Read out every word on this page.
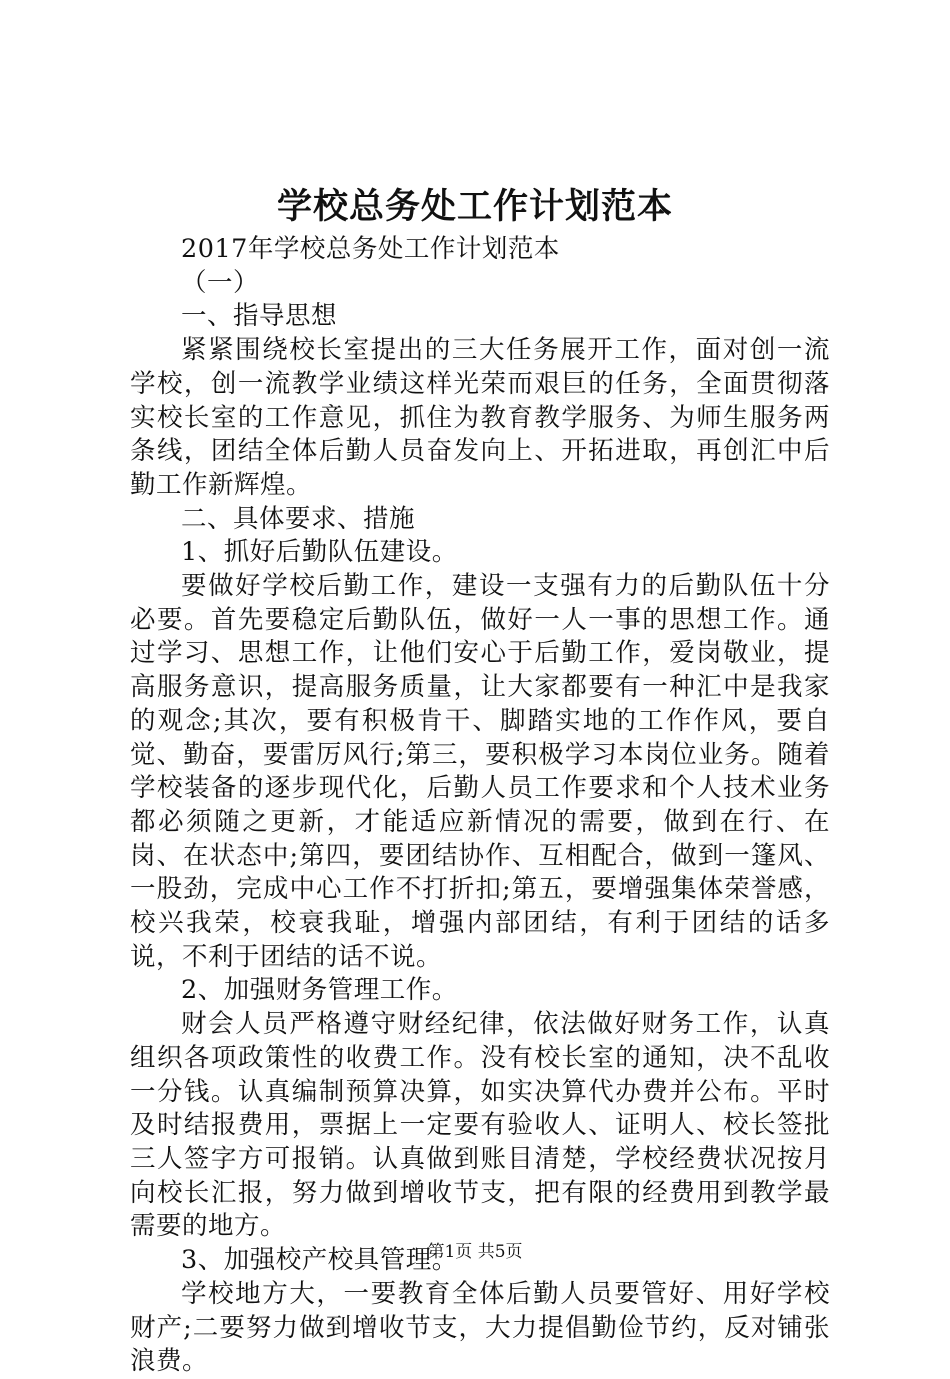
学校总务处工作计划范本

2017年学校总务处工作计划范本

（一）

一、指导思想

紧紧围绕校长室提出的三大任务展开工作，面对创一流学校，创一流教学业绩这样光荣而艰巨的任务，全面贯彻落实校长室的工作意见，抓住为教育教学服务、为师生服务两条线，团结全体后勤人员奋发向上、开拓进取，再创汇中后勤工作新辉煌。

二、具体要求、措施

1、抓好后勤队伍建设。

要做好学校后勤工作，建设一支强有力的后勤队伍十分必要。首先要稳定后勤队伍，做好一人一事的思想工作。通过学习、思想工作，让他们安心于后勤工作，爱岗敬业，提高服务意识，提高服务质量，让大家都要有一种汇中是我家的观念;其次，要有积极肯干、脚踏实地的工作作风，要自觉、勤奋，要雷厉风行;第三，要积极学习本岗位业务。随着学校装备的逐步现代化，后勤人员工作要求和个人技术业务都必须随之更新，才能适应新情况的需要，做到在行、在岗、在状态中;第四，要团结协作、互相配合，做到一篷风、一股劲，完成中心工作不打折扣;第五，要增强集体荣誉感，校兴我荣，校衰我耻，增强内部团结，有利于团结的话多说，不利于团结的话不说。

2、加强财务管理工作。

财会人员严格遵守财经纪律，依法做好财务工作，认真组织各项政策性的收费工作。没有校长室的通知，决不乱收一分钱。认真编制预算决算，如实决算代办费并公布。平时及时结报费用，票据上一定要有验收人、证明人、校长签批三人签字方可报销。认真做到账目清楚，学校经费状况按月向校长汇报，努力做到增收节支，把有限的经费用到教学最需要的地方。

3、加强校产校具管理。

学校地方大，一要教育全体后勤人员要管好、用好学校财产;二要努力做到增收节支，大力提倡勤俭节约，反对铺张浪费。

第1页 共5页
